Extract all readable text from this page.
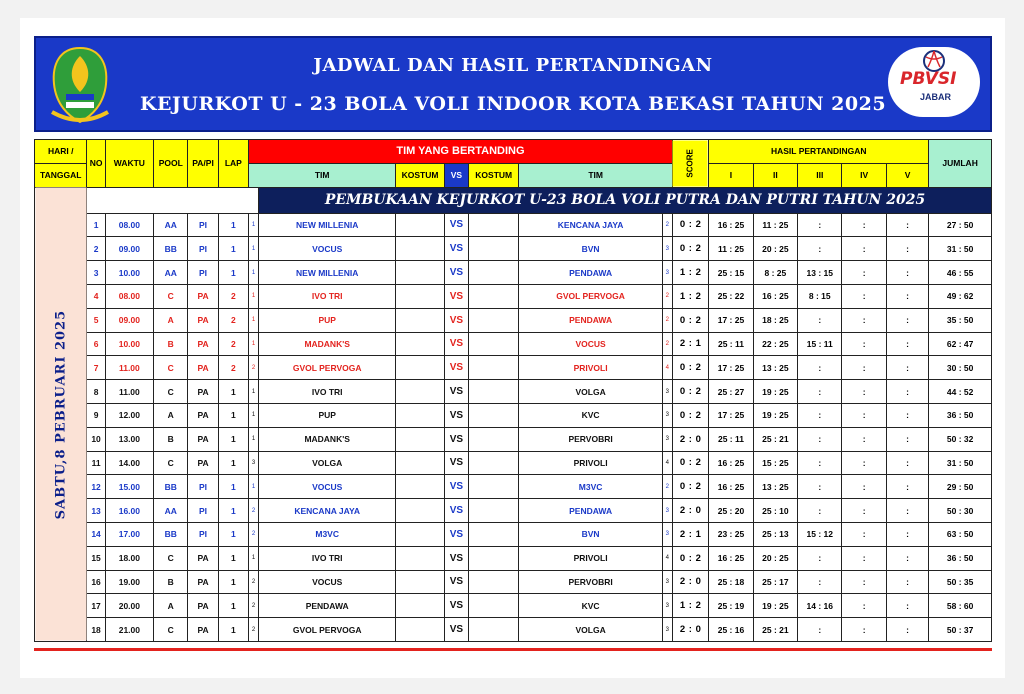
JADWAL DAN HASIL PERTANDINGAN
KEJURKOT U - 23 BOLA VOLI INDOOR KOTA BEKASI TAHUN 2025
PBVSI
JABAR
HARI /	NO	WAKTU	POOL	PA/PI	LAP	TIM YANG BERTANDING							SCORE	HASIL PERTANDINGAN					JUMLAH
TANGGAL						TIM		KOSTUM	VS	KOSTUM	TIM			I	II	III	IV	V	
SABTU,8 PEBRUARI 2025							PEMBUKAAN KEJURKOT U-23 BOLA VOLI PUTRA DAN PUTRI TAHUN 2025												
	1	08.00	AA	PI	1	1	NEW MILLENIA		VS		KENCANA JAYA	2	0 : 2	16 : 25	11 : 25	:	:	:	27 : 50
	2	09.00	BB	PI	1	1	VOCUS		VS		BVN	3	0 : 2	11 : 25	20 : 25	:	:	:	31 : 50
	3	10.00	AA	PI	1	1	NEW MILLENIA		VS		PENDAWA	3	1 : 2	25 : 15	8 : 25	13 : 15	:	:	46 : 55
	4	08.00	C	PA	2	1	IVO TRI		VS		GVOL PERVOGA	2	1 : 2	25 : 22	16 : 25	8 : 15	:	:	49 : 62
	5	09.00	A	PA	2	1	PUP		VS		PENDAWA	2	0 : 2	17 : 25	18 : 25	:	:	:	35 : 50
	6	10.00	B	PA	2	1	MADANK'S		VS		VOCUS	2	2 : 1	25 : 11	22 : 25	15 : 11	:	:	62 : 47
	7	11.00	C	PA	2	2	GVOL PERVOGA		VS		PRIVOLI	4	0 : 2	17 : 25	13 : 25	:	:	:	30 : 50
	8	11.00	C	PA	1	1	IVO TRI		VS		VOLGA	3	0 : 2	25 : 27	19 : 25	:	:	:	44 : 52
	9	12.00	A	PA	1	1	PUP		VS		KVC	3	0 : 2	17 : 25	19 : 25	:	:	:	36 : 50
	10	13.00	B	PA	1	1	MADANK'S		VS		PERVOBRI	3	2 : 0	25 : 11	25 : 21	:	:	:	50 : 32
	11	14.00	C	PA	1	3	VOLGA		VS		PRIVOLI	4	0 : 2	16 : 25	15 : 25	:	:	:	31 : 50
	12	15.00	BB	PI	1	1	VOCUS		VS		M3VC	2	0 : 2	16 : 25	13 : 25	:	:	:	29 : 50
	13	16.00	AA	PI	1	2	KENCANA JAYA		VS		PENDAWA	3	2 : 0	25 : 20	25 : 10	:	:	:	50 : 30
	14	17.00	BB	PI	1	2	M3VC		VS		BVN	3	2 : 1	23 : 25	25 : 13	15 : 12	:	:	63 : 50
	15	18.00	C	PA	1	1	IVO TRI		VS		PRIVOLI	4	0 : 2	16 : 25	20 : 25	:	:	:	36 : 50
	16	19.00	B	PA	1	2	VOCUS		VS		PERVOBRI	3	2 : 0	25 : 18	25 : 17	:	:	:	50 : 35
	17	20.00	A	PA	1	2	PENDAWA		VS		KVC	3	1 : 2	25 : 19	19 : 25	14 : 16	:	:	58 : 60
	18	21.00	C	PA	1	2	GVOL PERVOGA		VS		VOLGA	3	2 : 0	25 : 16	25 : 21	:	:	:	50 : 37
